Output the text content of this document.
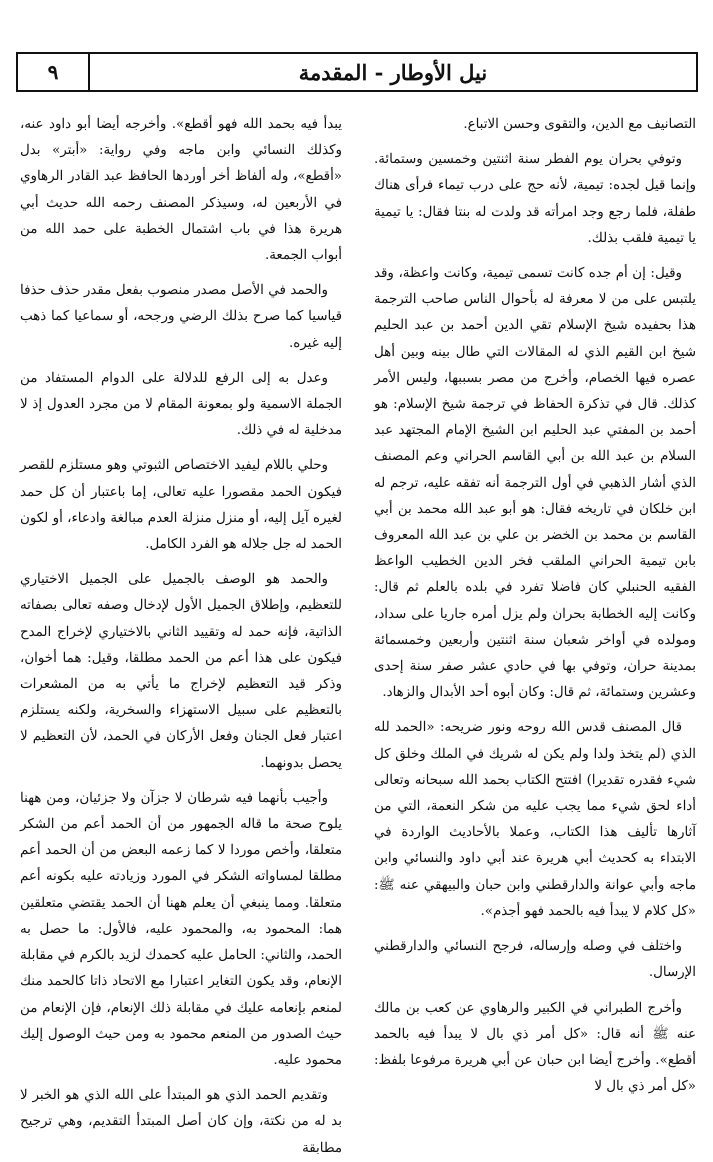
نيل الأوطار - المقدمة
٩

التصانيف مع الدين، والتقوى وحسن الاتباع.

وتوفي بحران يوم الفطر سنة اثنتين وخمسين وستمائة. وإنما قيل لجده: تيمية، لأنه حج على درب تيماء فرأى هناك طفلة، فلما رجع وجد امرأته قد ولدت له بنتا فقال: يا تيمية يا تيمية فلقب بذلك.

وقيل: إن أم جده كانت تسمى تيمية، وكانت واعظة، وقد يلتبس على من لا معرفة له بأحوال الناس صاحب الترجمة هذا بحفيده شيخ الإسلام تقي الدين أحمد بن عبد الحليم شيخ ابن القيم الذي له المقالات التي طال بينه وبين أهل عصره فيها الخصام، وأخرج من مصر بسببها، وليس الأمر كذلك. قال في تذكرة الحفاظ في ترجمة شيخ الإسلام: هو أحمد بن المفتي عبد الحليم ابن الشيخ الإمام المجتهد عبد السلام بن عبد الله بن أبي القاسم الحراني وعم المصنف الذي أشار الذهبي في أول الترجمة أنه تفقه عليه، ترجم له ابن خلكان في تاريخه فقال: هو أبو عبد الله محمد بن أبي القاسم بن محمد بن الخضر بن علي بن عبد الله المعروف بابن تيمية الحراني الملقب فخر الدين الخطيب الواعظ الفقيه الحنبلي كان فاضلا تفرد في بلده بالعلم ثم قال: وكانت إليه الخطابة بحران ولم يزل أمره جاريا على سداد، ومولده في أواخر شعبان سنة اثنتين وأربعين وخمسمائة بمدينة حران، وتوفي بها في حادي عشر صفر سنة إحدى وعشرين وستمائة، ثم قال: وكان أبوه أحد الأبدال والزهاد.

قال المصنف قدس الله روحه ونور ضريحه: «الحمد لله الذي (لم يتخذ ولدا ولم يكن له شريك في الملك وخلق كل شيء فقدره تقديرا) افتتح الكتاب بحمد الله سبحانه وتعالى أداء لحق شيء مما يجب عليه من شكر النعمة، التي من آثارها تأليف هذا الكتاب، وعملا بالأحاديث الواردة في الابتداء به كحديث أبي هريرة عند أبي داود والنسائي وابن ماجه وأبي عوانة والدارقطني وابن حبان والبيهقي عنه ﷺ: «كل كلام لا يبدأ فيه بالحمد فهو أجذم».

واختلف في وصله وإرساله، فرجح النسائي والدارقطني الإرسال.

وأخرج الطبراني في الكبير والرهاوي عن كعب بن مالك عنه ﷺ أنه قال: «كل أمر ذي بال لا يبدأ فيه بالحمد أقطع». وأخرج أيضا ابن حبان عن أبي هريرة مرفوعا بلفظ: «كل أمر ذي بال لا

يبدأ فيه بحمد الله فهو أقطع». وأخرجه أيضا أبو داود عنه، وكذلك النسائي وابن ماجه وفي رواية: «أبتر» بدل «أقطع»، وله ألفاظ أخر أوردها الحافظ عبد القادر الرهاوي في الأربعين له، وسيذكر المصنف رحمه الله حديث أبي هريرة هذا في باب اشتمال الخطبة على حمد الله من أبواب الجمعة.

والحمد في الأصل مصدر منصوب بفعل مقدر حذف حذفا قياسيا كما صرح بذلك الرضي ورجحه، أو سماعيا كما ذهب إليه غيره.

وعدل به إلى الرفع للدلالة على الدوام المستفاد من الجملة الاسمية ولو بمعونة المقام لا من مجرد العدول إذ لا مدخلية له في ذلك.

وحلي باللام ليفيد الاختصاص الثبوتي وهو مستلزم للقصر فيكون الحمد مقصورا عليه تعالى، إما باعتبار أن كل حمد لغيره آيل إليه، أو منزل منزلة العدم مبالغة وادعاء، أو لكون الحمد له جل جلاله هو الفرد الكامل.

والحمد هو الوصف بالجميل على الجميل الاختياري للتعظيم، وإطلاق الجميل الأول لإدخال وصفه تعالى بصفاته الذاتية، فإنه حمد له وتقييد الثاني بالاختياري لإخراج المدح فيكون على هذا أعم من الحمد مطلقا، وقيل: هما أخوان، وذكر قيد التعظيم لإخراج ما يأتي به من المشعرات بالتعظيم على سبيل الاستهزاء والسخرية، ولكنه يستلزم اعتبار فعل الجنان وفعل الأركان في الحمد، لأن التعظيم لا يحصل بدونهما.

وأجيب بأنهما فيه شرطان لا جزآن ولا جزئيان، ومن ههنا يلوح صحة ما قاله الجمهور من أن الحمد أعم من الشكر متعلقا، وأخص موردا لا كما زعمه البعض من أن الحمد أعم مطلقا لمساواته الشكر في المورد وزيادته عليه بكونه أعم متعلقا. ومما ينبغي أن يعلم ههنا أن الحمد يقتضي متعلقين هما: المحمود به، والمحمود عليه، فالأول: ما حصل به الحمد، والثاني: الحامل عليه كحمدك لزيد بالكرم في مقابلة الإنعام، وقد يكون التغاير اعتبارا مع الاتحاد ذاتا كالحمد منك لمنعم بإنعامه عليك في مقابلة ذلك الإنعام، فإن الإنعام من حيث الصدور من المنعم محمود به ومن حيث الوصول إليك محمود عليه.

وتقديم الحمد الذي هو المبتدأ على الله الذي هو الخبر لا بد له من نكتة، وإن كان أصل المبتدأ التقديم، وهي ترجيح مطابقة
